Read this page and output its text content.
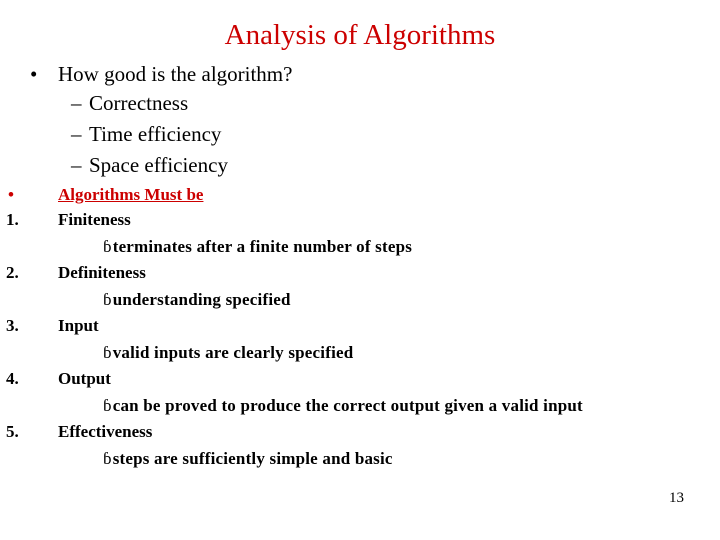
Analysis of Algorithms
• How good is the algorithm?
– Correctness
– Time efficiency
– Space efficiency
•	Algorithms Must be
1. Finiteness
ɓterminates after a finite number of steps
2. Definiteness
ɓunderstanding specified
3. Input
ɓvalid inputs are clearly specified
4. Output
ɓcan be proved to produce the correct output given a valid input
5. Effectiveness
ɓsteps are sufficiently simple and basic
13
